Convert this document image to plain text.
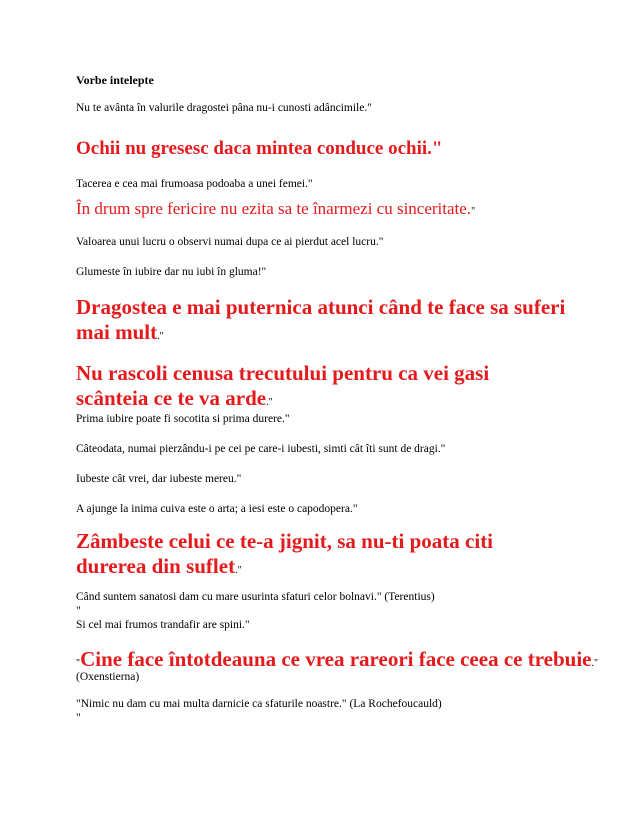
Vorbe intelepte

Nu te avânta în valurile dragostei pâna nu-i cunosti adâncimile."

Ochii nu gresesc daca mintea conduce ochii."

Tacerea e cea mai frumoasa podoaba a unei femei."

În drum spre fericire nu ezita sa te înarmezi cu sinceritate."

Valoarea unui lucru o observi numai dupa ce ai pierdut acel lucru."

Glumeste în iubire dar nu iubi în gluma!"

Dragostea e mai puternica atunci când te face sa suferi mai mult."

Nu rascoli cenusa trecutului pentru ca vei gasi scânteia ce te va arde."

Prima iubire poate fi socotita si prima durere."

Câteodata, numai pierzându-i pe cei pe care-i iubesti, simti cât îti sunt de dragi."

Iubeste cât vrei, dar iubeste mereu."

A ajunge la inima cuiva este o arta; a iesi este o capodopera."

Zâmbeste celui ce te-a jignit, sa nu-ti poata citi durerea din suflet."

Când suntem sanatosi dam cu mare usurinta sfaturi celor bolnavi." (Terentius)

"

Si cel mai frumos trandafir are spini."

"Cine face întotdeauna ce vrea rareori face ceea ce trebuie."

(Oxenstierna)

"Nimic nu dam cu mai multa darnicie ca sfaturile noastre." (La Rochefoucauld)

"
